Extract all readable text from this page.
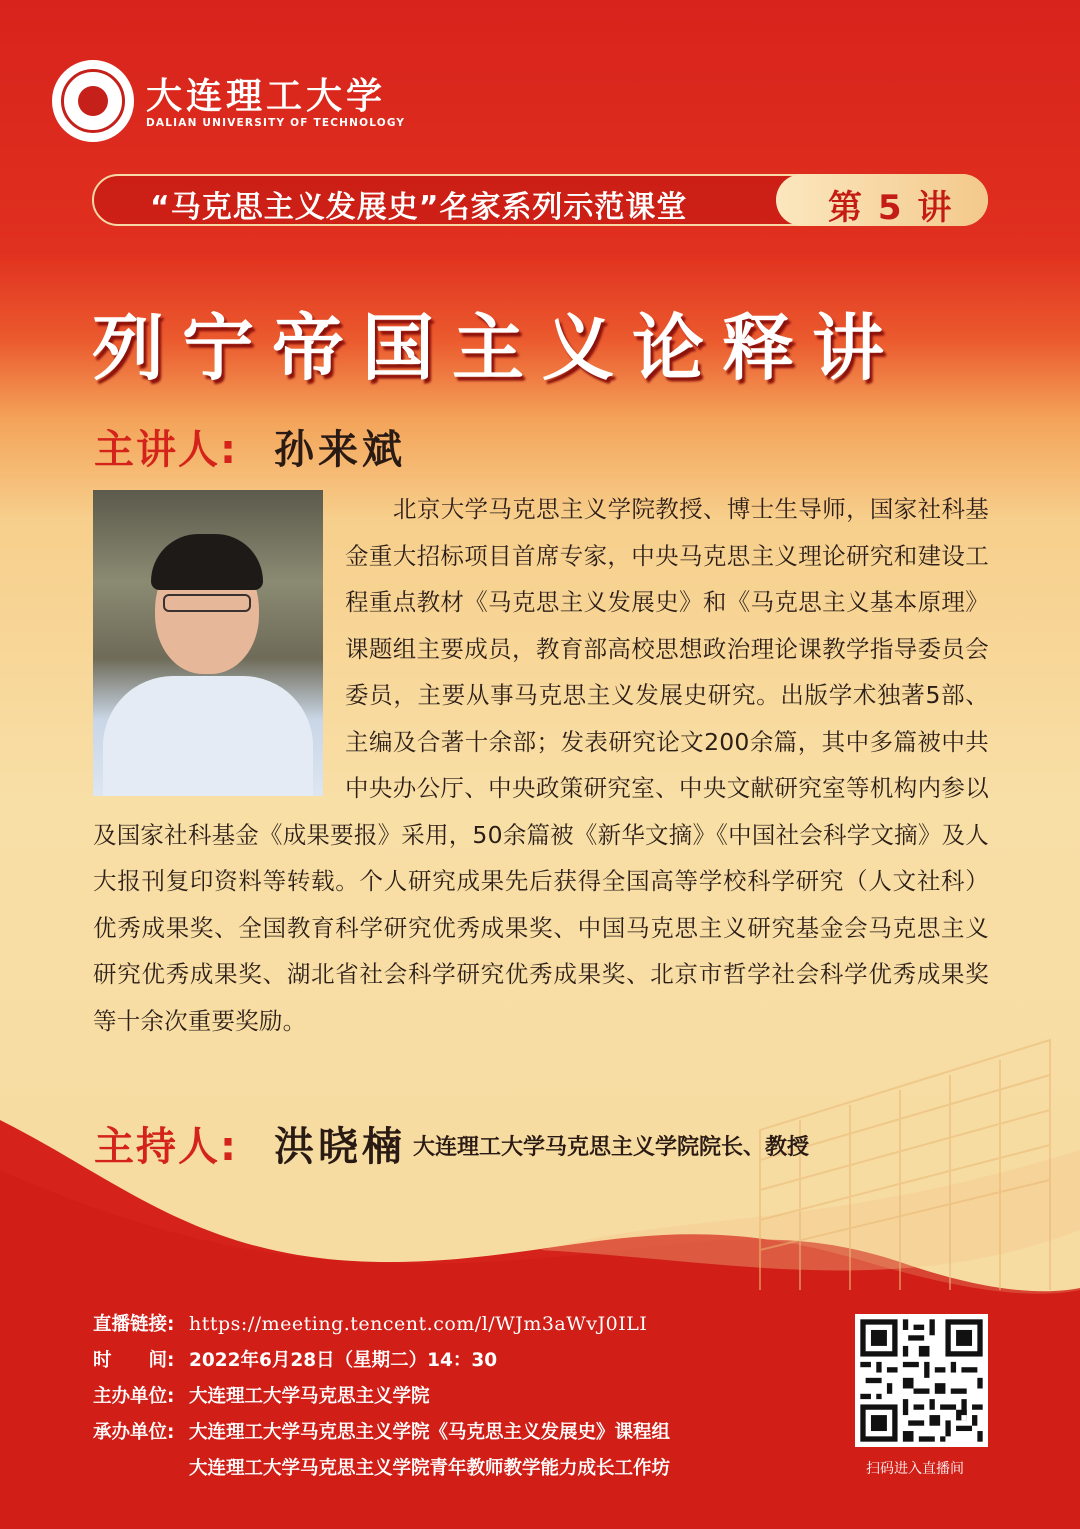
大连理工大学
DALIAN UNIVERSITY OF TECHNOLOGY
“马克思主义发展史”名家系列示范课堂	第 5 讲
列宁帝国主义论释讲
主讲人: 孙来斌

北京大学马克思主义学院教授、博士生导师，国家社科基金重大招标项目首席专家，中央马克思主义理论研究和建设工程重点教材《马克思主义发展史》和《马克思主义基本原理》课题组主要成员，教育部高校思想政治理论课教学指导委员会委员，主要从事马克思主义发展史研究。出版学术独著5部、主编及合著十余部；发表研究论文200余篇，其中多篇被中共中央办公厅、中央政策研究室、中央文献研究室等机构内参以及国家社科基金《成果要报》采用，50余篇被《新华文摘》《中国社会科学文摘》及人大报刊复印资料等转载。个人研究成果先后获得全国高等学校科学研究（人文社科）优秀成果奖、全国教育科学研究优秀成果奖、中国马克思主义研究基金会马克思主义研究优秀成果奖、湖北省社会科学研究优秀成果奖、北京市哲学社会科学优秀成果奖等十余次重要奖励。

主持人: 洪晓楠 大连理工大学马克思主义学院院长、教授
直播链接: https://meeting.tencent.com/l/WJm3aWvJ0ILI
时　　间: 2022年6月28日（星期二）14：30
主办单位: 大连理工大学马克思主义学院
承办单位: 大连理工大学马克思主义学院《马克思主义发展史》课程组
大连理工大学马克思主义学院青年教师教学能力成长工作坊	扫码进入直播间
